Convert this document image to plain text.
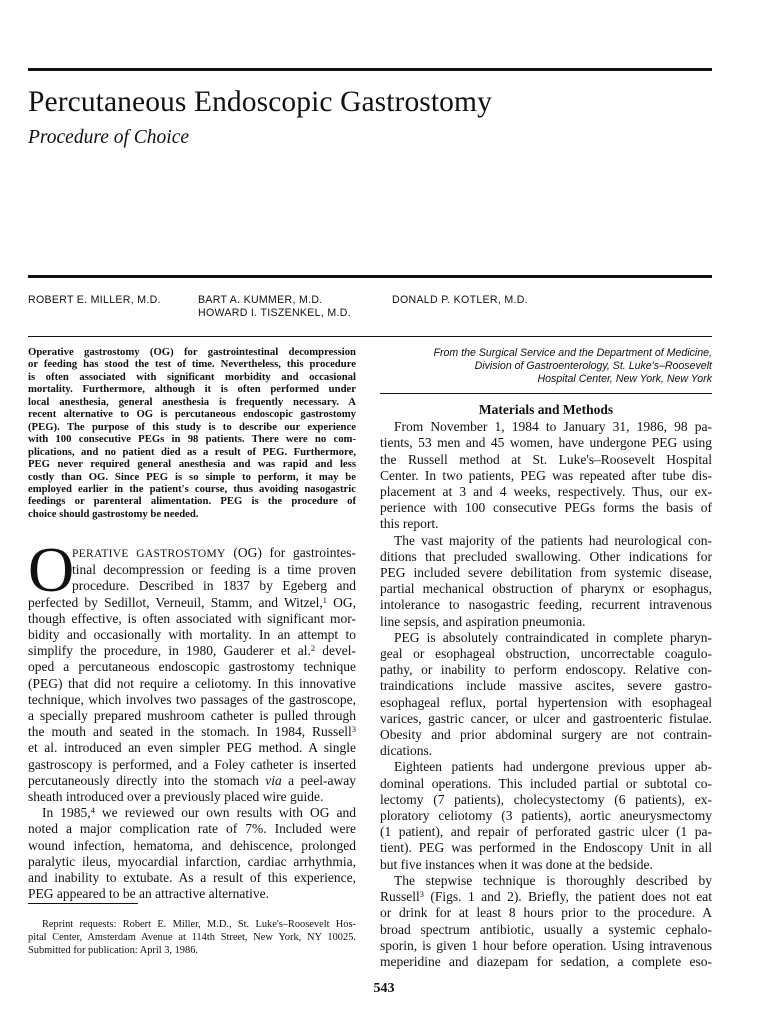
Percutaneous Endoscopic Gastrostomy
Procedure of Choice
ROBERT E. MILLER, M.D.	BART A. KUMMER, M.D.
HOWARD I. TISZENKEL, M.D.
DONALD P. KOTLER, M.D.
Operative gastrostomy (OG) for gastrointestinal decompression
or feeding has stood the test of time. Nevertheless, this procedure
is often associated with significant morbidity and occasional
mortality. Furthermore, although it is often performed under
local anesthesia, general anesthesia is frequently necessary. A
recent alternative to OG is percutaneous endoscopic gastrostomy
(PEG). The purpose of this study is to describe our experience
with 100 consecutive PEGs in 98 patients. There were no com-
plications, and no patient died as a result of PEG. Furthermore,
PEG never required general anesthesia and was rapid and less
costly than OG. Since PEG is so simple to perform, it may be
employed earlier in the patient's course, thus avoiding nasogastric
feedings or parenteral alimentation. PEG is the procedure of
choice should gastrostomy be needed.
From the Surgical Service and the Department of Medicine,
Division of Gastroenterology, St. Luke's–Roosevelt
Hospital Center, New York, New York
O
PERATIVE GASTROSTOMY (OG) for gastrointes-
tinal decompression or feeding is a time proven
procedure. Described in 1837 by Egeberg and
perfected by Sedillot, Verneuil, Stamm, and Witzel,$^1$ OG,
though effective, is often associated with significant mor-
bidity and occasionally with mortality. In an attempt to
simplify the procedure, in 1980, Gauderer et al.$^2$ devel-
oped a percutaneous endoscopic gastrostomy technique
(PEG) that did not require a celiotomy. In this innovative
technique, which involves two passages of the gastroscope,
a specially prepared mushroom catheter is pulled through
the mouth and seated in the stomach. In 1984, Russell$^3$
et al. introduced an even simpler PEG method. A single
gastroscopy is performed, and a Foley catheter is inserted
percutaneously directly into the stomach via a peel-away
sheath introduced over a previously placed wire guide.
In 1985,$^4$ we reviewed our own results with OG and
noted a major complication rate of 7%. Included were
wound infection, hematoma, and dehiscence, prolonged
paralytic ileus, myocardial infarction, cardiac arrhythmia,
and inability to extubate. As a result of this experience,
PEG appeared to be an attractive alternative.
Reprint requests: Robert E. Miller, M.D., St. Luke's–Roosevelt Hos-
pital Center, Amsterdam Avenue at 114th Street, New York, NY 10025.
Submitted for publication: April 3, 1986.
Materials and Methods
From November 1, 1984 to January 31, 1986, 98 pa-
tients, 53 men and 45 women, have undergone PEG using
the Russell method at St. Luke's–Roosevelt Hospital
Center. In two patients, PEG was repeated after tube dis-
placement at 3 and 4 weeks, respectively. Thus, our ex-
perience with 100 consecutive PEGs forms the basis of
this report.
The vast majority of the patients had neurological con-
ditions that precluded swallowing. Other indications for
PEG included severe debilitation from systemic disease,
partial mechanical obstruction of pharynx or esophagus,
intolerance to nasogastric feeding, recurrent intravenous
line sepsis, and aspiration pneumonia.
PEG is absolutely contraindicated in complete pharyn-
geal or esophageal obstruction, uncorrectable coagulo-
pathy, or inability to perform endoscopy. Relative con-
traindications include massive ascites, severe gastro-
esophageal reflux, portal hypertension with esophageal
varices, gastric cancer, or ulcer and gastroenteric fistulae.
Obesity and prior abdominal surgery are not contrain-
dications.
Eighteen patients had undergone previous upper ab-
dominal operations. This included partial or subtotal co-
lectomy (7 patients), cholecystectomy (6 patients), ex-
ploratory celiotomy (3 patients), aortic aneurysmectomy
(1 patient), and repair of perforated gastric ulcer (1 pa-
tient). PEG was performed in the Endoscopy Unit in all
but five instances when it was done at the bedside.
The stepwise technique is thoroughly described by
Russell$^3$ (Figs. 1 and 2). Briefly, the patient does not eat
or drink for at least 8 hours prior to the procedure. A
broad spectrum antibiotic, usually a systemic cephalo-
sporin, is given 1 hour before operation. Using intravenous
meperidine and diazepam for sedation, a complete eso-
543
